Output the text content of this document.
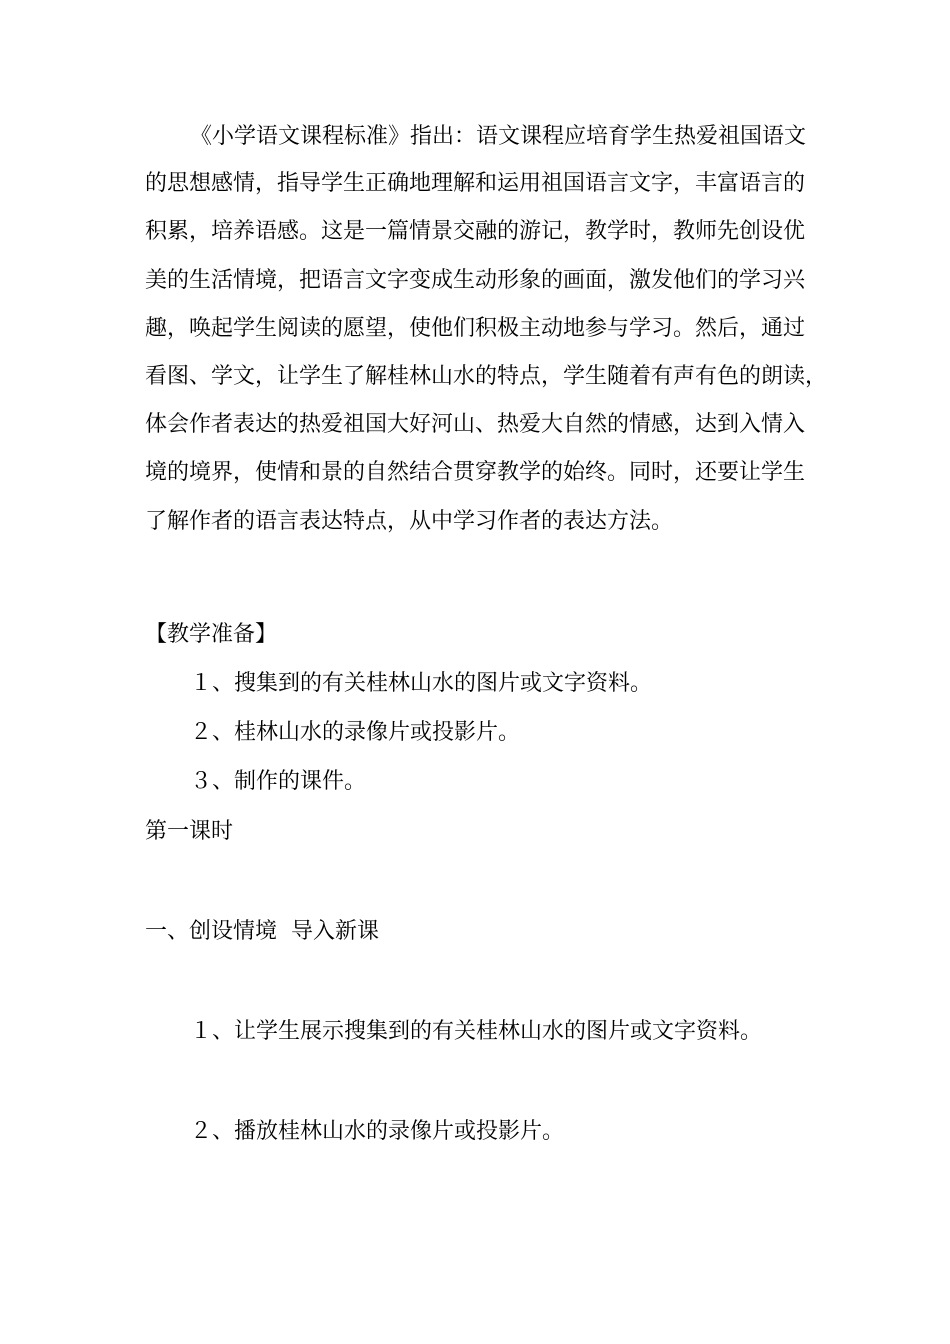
《小学语文课程标准》指出：语文课程应培育学生热爱祖国语文
的思想感情，指导学生正确地理解和运用祖国语言文字，丰富语言的
积累，培养语感。这是一篇情景交融的游记，教学时，教师先创设优
美的生活情境，把语言文字变成生动形象的画面，激发他们的学习兴
趣，唤起学生阅读的愿望，使他们积极主动地参与学习。然后，通过
看图、学文，让学生了解桂林山水的特点，学生随着有声有色的朗读，
体会作者表达的热爱祖国大好河山、热爱大自然的情感，达到入情入
境的境界，使情和景的自然结合贯穿教学的始终。同时，还要让学生
了解作者的语言表达特点，从中学习作者的表达方法。
【教学准备】
１、搜集到的有关桂林山水的图片或文字资料。
２、桂林山水的录像片或投影片。
３、制作的课件。
第一课时
一、创设情境  导入新课
１、让学生展示搜集到的有关桂林山水的图片或文字资料。
２、播放桂林山水的录像片或投影片。
